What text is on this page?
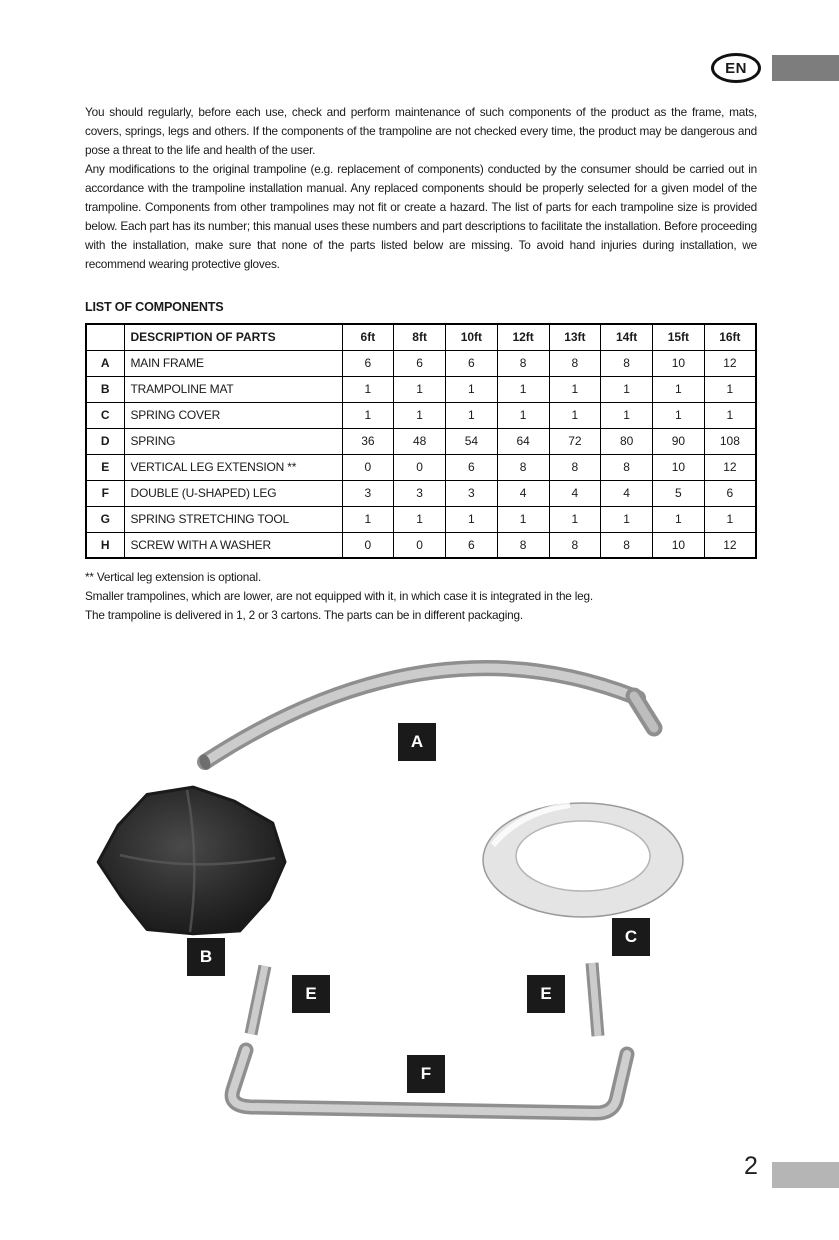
EN

You should regularly, before each use, check and perform maintenance of such components of the product as the frame, mats, covers, springs, legs and others. If the components of the trampoline are not checked every time, the product may be dangerous and pose a threat to the life and health of the user.

Any modifications to the original trampoline (e.g. replacement of components) conducted by the consumer should be carried out in accordance with the trampoline installation manual. Any replaced components should be properly selected for a given model of the trampoline. Components from other trampolines may not fit or create a hazard. The list of parts for each trampoline size is provided below. Each part has its number; this manual uses these numbers and part descriptions to facilitate the installation. Before proceeding with the installation, make sure that none of the parts listed below are missing. To avoid hand injuries during installation, we recommend wearing protective gloves.

LIST OF COMPONENTS
	DESCRIPTION OF PARTS	6ft	8ft	10ft	12ft	13ft	14ft	15ft	16ft
A	MAIN FRAME	6	6	6	8	8	8	10	12
B	TRAMPOLINE MAT	1	1	1	1	1	1	1	1
C	SPRING COVER	1	1	1	1	1	1	1	1
D	SPRING	36	48	54	64	72	80	90	108
E	VERTICAL LEG EXTENSION **	0	0	6	8	8	8	10	12
F	DOUBLE (U-SHAPED) LEG	3	3	3	4	4	4	5	6
G	SPRING STRETCHING TOOL	1	1	1	1	1	1	1	1
H	SCREW WITH A WASHER	0	0	6	8	8	8	10	12
** Vertical leg extension is optional.
Smaller trampolines, which are lower, are not equipped with it, in which case it is integrated in the leg.
The trampoline is delivered in 1, 2 or 3 cartons. The parts can be in different packaging.
A
B
C
E	E
F
2
